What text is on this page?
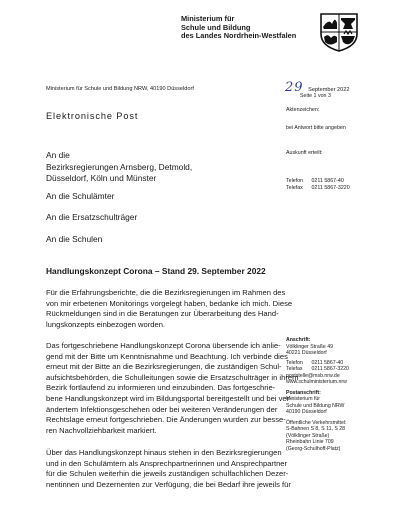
Ministerium für
Schule und Bildung
des Landes Nordrhein-Westfalen
Ministerium für Schule und Bildung NRW, 40190 Düsseldorf	29 September 2022
Seite 1 von 3
Elektronische Post
Aktenzeichen:
bei Antwort bitte angeben
Auskunft erteilt:
Telefon 0211 5867-40
Telefax 0211 5867-3220
An die
Bezirksregierungen Arnsberg, Detmold,
Düsseldorf, Köln und Münster
An die Schulämter
An die Ersatzschulträger
An die Schulen
Handlungskonzept Corona – Stand 29. September 2022
Für die Erfahrungsberichte, die die Bezirksregierungen im Rahmen des
von mir erbetenen Monitorings vorgelegt haben, bedanke ich mich. Diese
Rückmeldungen sind in die Beratungen zur Überarbeitung des Hand-
lungskonzepts einbezogen worden.
Das fortgeschriebene Handlungskonzept Corona übersende ich anlie-
gend mit der Bitte um Kenntnisnahme und Beachtung. Ich verbinde dies
erneut mit der Bitte an die Bezirksregierungen, die zuständigen Schul-
aufsichtsbehörden, die Schulleitungen sowie die Ersatzschulträger in ihrem
Bezirk fortlaufend zu informieren und einzubinden. Das fortgeschrie-
bene Handlungskonzept wird im Bildungsportal bereitgestellt und bei ver-
ändertem Infektionsgeschehen oder bei weiteren Veränderungen der
Rechtslage erneut fortgeschrieben. Die Änderungen wurden zur besse-
ren Nachvollziehbarkeit markiert.
Über das Handlungskonzept hinaus stehen in den Bezirksregierungen
und in den Schulämtern als Ansprechpartnerinnen und Ansprechpartner
für die Schulen weiterhin die jeweils zuständigen schulfachlichen Dezer-
nentinnen und Dezernenten zur Verfügung, die bei Bedarf ihre jeweils für
Anschrift:
Völklinger Straße 49
40221 Düsseldorf
Telefon 0211 5867-40
Telefax 0211 5867-3220
poststelle@msb.nrw.de
www.schulministerium.nrw
Postanschrift:
Ministerium für
Schule und Bildung NRW
40190 Düsseldorf
Öffentliche Verkehrsmittel:
S-Bahnen S 8, S 11, S 28
(Völklinger Straße)
Rheinbahn Linie 709
(Georg-Schulhoff-Platz)
